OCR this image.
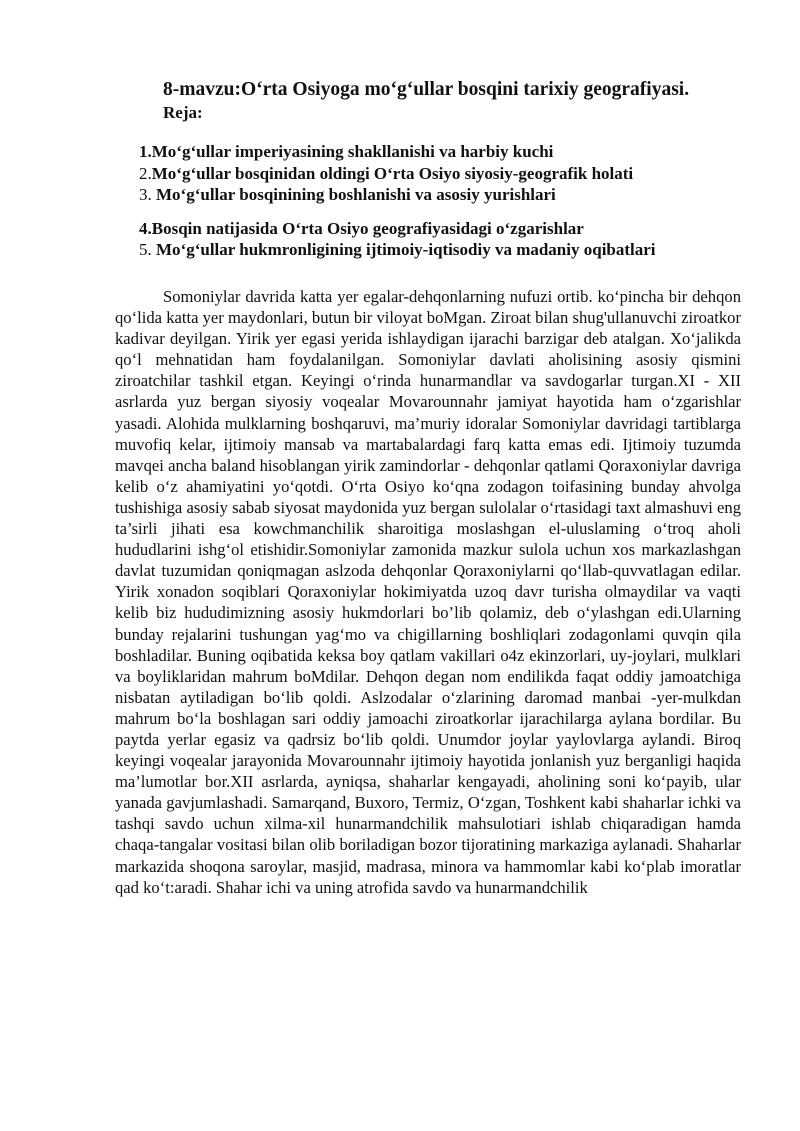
8-mavzu:O‘rta Osiyoga mo‘g‘ullar bosqini tarixiy geografiyasi.
Reja:
1.Mo‘g‘ullar imperiyasining shakllanishi va harbiy kuchi
2.Mo‘g‘ullar bosqinidan oldingi O‘rta Osiyo siyosiy-geografik holati
3. Mo‘g‘ullar bosqinining boshlanishi va asosiy yurishlari
4.Bosqin natijasida O‘rta Osiyo geografiyasidagi o‘zgarishlar
5. Mo‘g‘ullar hukmronligining ijtimoiy-iqtisodiy va madaniy oqibatlari

Somoniylar davrida katta yer egalar-dehqonlarning nufuzi ortib. ko‘pincha bir dehqon qo‘lida katta yer maydonlari, butun bir viloyat boMgan. Ziroat bilan shug'ullanuvchi ziroatkor kadivar deyilgan. Yirik yer egasi yerida ishlaydigan ijarachi barzigar deb atalgan. Xo‘jalikda qo‘l mehnatidan ham foydalanilgan. Somoniylar davlati aholisining asosiy qismini ziroatchilar tashkil etgan. Keyingi o‘rinda hunarmandlar va savdogarlar turgan.XI - XII asrlarda yuz bergan siyosiy voqealar Movarounnahr jamiyat hayotida ham o‘zgarishlar yasadi. Alohida mulklarning boshqaruvi, ma’muriy idoralar Somoniylar davridagi tartiblarga muvofiq kelar, ijtimoiy mansab va martabalardagi farq katta emas edi. Ijtimoiy tuzumda mavqei ancha baland hisoblangan yirik zamindorlar - dehqonlar qatlami Qoraxoniylar davriga kelib o‘z ahamiyatini yo‘qotdi. O‘rta Osiyo ko‘qna zodagon toifasining bunday ahvolga tushishiga asosiy sabab siyosat maydonida yuz bergan sulolalar o‘rtasidagi taxt almashuvi eng ta’sirli jihati esa kowchmanchilik sharoitiga moslashgan el-uluslaming o‘troq aholi hududlarini ishg‘ol etishidir.Somoniylar zamonida mazkur sulola uchun xos markazlashgan davlat tuzumidan qoniqmagan aslzoda dehqonlar Qoraxoniylarni qo‘llab-quvvatlagan edilar. Yirik xonadon soqiblari Qoraxoniylar hokimiyatda uzoq davr turisha olmaydilar va vaqti kelib biz hududimizning asosiy hukmdorlari bo’lib qolamiz, deb o‘ylashgan edi.Ularning bunday rejalarini tushungan yag‘mo va chigillarning boshliqlari zodagonlami quvqin qila boshladilar. Buning oqibatida keksa boy qatlam vakillari o4z ekinzorlari, uy-joylari, mulklari va boyliklaridan mahrum boMdilar. Dehqon degan nom endilikda faqat oddiy jamoatchiga nisbatan aytiladigan bo‘lib qoldi. Aslzodalar o‘zlarining daromad manbai -yer-mulkdan mahrum bo‘la boshlagan sari oddiy jamoachi ziroatkorlar ijarachilarga aylana bordilar. Bu paytda yerlar egasiz va qadrsiz bo‘lib qoldi. Unumdor joylar yaylovlarga aylandi. Biroq keyingi voqealar jarayonida Movarounnahr ijtimoiy hayotida jonlanish yuz berganligi haqida ma’lumotlar bor.XII asrlarda, ayniqsa, shaharlar kengayadi, aholining soni ko‘payib, ular yanada gavjumlashadi. Samarqand, Buxoro, Termiz, O‘zgan, Toshkent kabi shaharlar ichki va tashqi savdo uchun xilma-xil hunarmandchilik mahsulotiari ishlab chiqaradigan hamda chaqa-tangalar vositasi bilan olib boriladigan bozor tijoratining markaziga aylanadi. Shaharlar markazida shoqona saroylar, masjid, madrasa, minora va hammomlar kabi ko‘plab imoratlar qad ko‘t:aradi. Shahar ichi va uning atrofida savdo va hunarmandchilik
